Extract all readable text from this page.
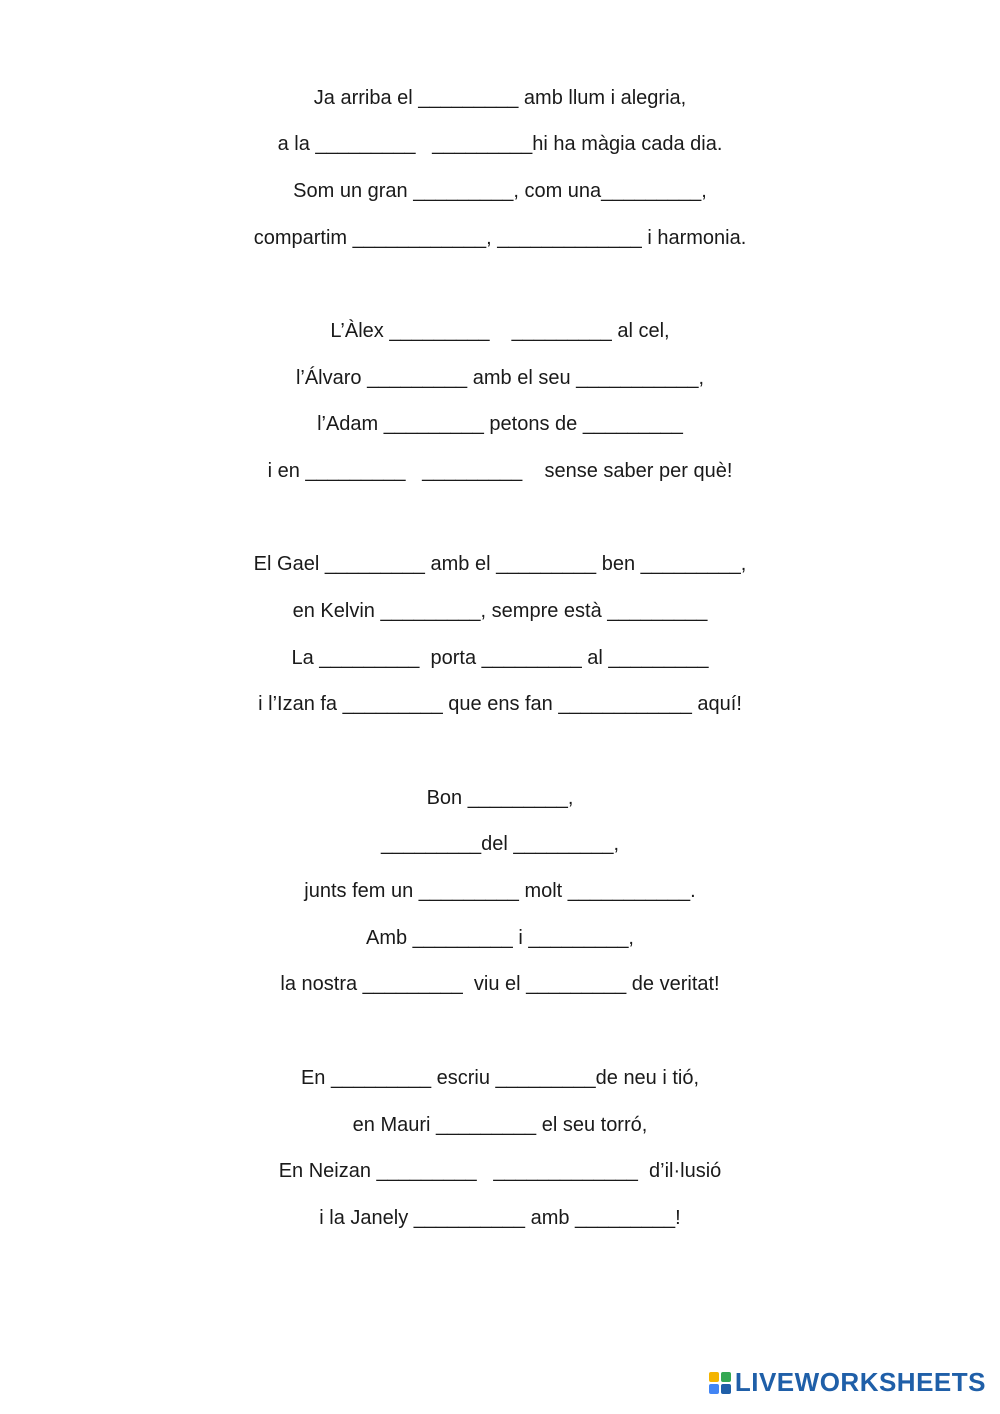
Ja arriba el _________ amb llum i alegria,
a la _________   _________hi ha màgia cada dia.
Som un gran _________, com una_________,
compartim ____________, _____________ i harmonia.
L’Àlex _________    _________ al cel,
l’Álvaro _________ amb el seu ___________,
l’Adam _________ petons de _________
i en _________   _________    sense saber per què!
El Gael _________ amb el _________ ben _________,
en Kelvin _________, sempre està _________
La _________  porta _________ al _________
i l’Izan fa _________ que ens fan ____________ aquí!
Bon _________,
_________del _________,
junts fem un _________ molt ___________.
Amb _________ i _________,
la nostra _________  viu el _________ de veritat!
En _________ escriu _________de neu i tió,
en Mauri _________ el seu torró,
En Neizan _________   _____________  d’il·lusió
i la Janely __________ amb _________!
LIVEWORKSHEETS
